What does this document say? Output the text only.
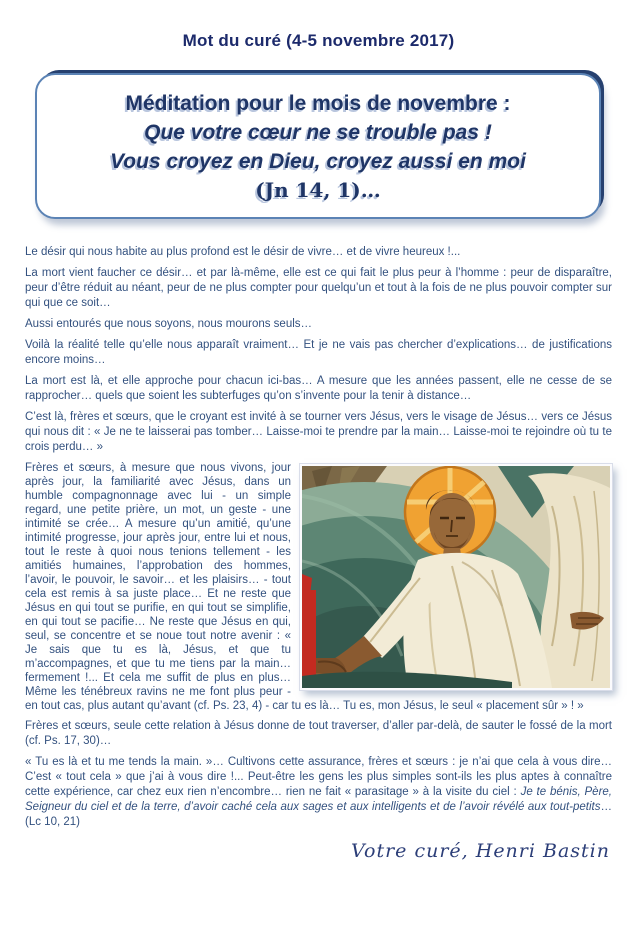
Mot du curé (4-5 novembre 2017)
Méditation pour le mois de novembre :
Que votre cœur ne se trouble pas !
Vous croyez en Dieu, croyez aussi en moi
(Jn 14, 1)…

Le désir qui nous habite au plus profond est le désir de vivre… et de vivre heureux !...

La mort vient faucher ce désir… et par là-même, elle est ce qui fait le plus peur à l’homme : peur de disparaître, peur d’être réduit au néant, peur de ne plus compter pour quelqu’un et tout à la fois de ne plus pouvoir compter sur qui que ce soit…

Aussi entourés que nous soyons, nous mourons seuls…

Voilà la réalité telle qu’elle nous apparaît vraiment… Et je ne vais pas chercher d’explications… de justifications encore moins…

La mort est là, et elle approche pour chacun ici-bas… A mesure que les années passent, elle ne cesse de se rapprocher… quels que soient les subterfuges qu’on s’invente pour la tenir à distance…

C’est là, frères et sœurs, que le croyant est invité à se tourner vers Jésus, vers le visage de Jésus… vers ce Jésus qui nous dit : « Je ne te laisserai pas tomber… Laisse-moi te prendre par la main… Laisse-moi te rejoindre où tu te crois perdu… »

Frères et sœurs, à mesure que nous vivons, jour après jour, la familiarité avec Jésus, dans un humble compagnonnage avec lui - un simple regard, une petite prière, un mot, un geste - une intimité se crée… A mesure qu’un amitié, qu’une intimité progresse, jour après jour, entre lui et nous, tout le reste à quoi nous tenions tellement - les amitiés humaines, l’approbation des hommes, l’avoir, le pouvoir, le savoir… et les plaisirs… - tout cela est remis à sa juste place… Et ne reste que Jésus en qui tout se purifie, en qui tout se simplifie, en qui tout se pacifie… Ne reste que Jésus en qui, seul, se concentre et se noue tout notre avenir : « Je sais que tu es là, Jésus, et que tu m’accompagnes, et que tu me tiens par la main… fermement !... Et cela me suffit de plus en plus… Même les ténébreux ravins ne me font plus peur - en tout cas, plus autant qu’avant (cf. Ps. 23, 4) - car tu es là… Tu es, mon Jésus, le seul « placement sûr » ! »

Frères et sœurs, seule cette relation à Jésus donne de tout traverser, d’aller par-delà, de sauter le fossé de la mort (cf. Ps. 17, 30)…

« Tu es là et tu me tends la main. »… Cultivons cette assurance, frères et sœurs : je n’ai que cela à vous dire… C’est « tout cela » que j’ai à vous dire !... Peut-être les gens les plus simples sont-ils les plus aptes à connaître cette expérience, car chez eux rien n’encombre… rien ne fait « parasitage » à la visite du ciel : Je te bénis, Père, Seigneur du ciel et de la terre, d’avoir caché cela aux sages et aux intelligents et de l’avoir révélé aux tout-petits… (Lc 10, 21)

Votre curé, Henri Bastin
